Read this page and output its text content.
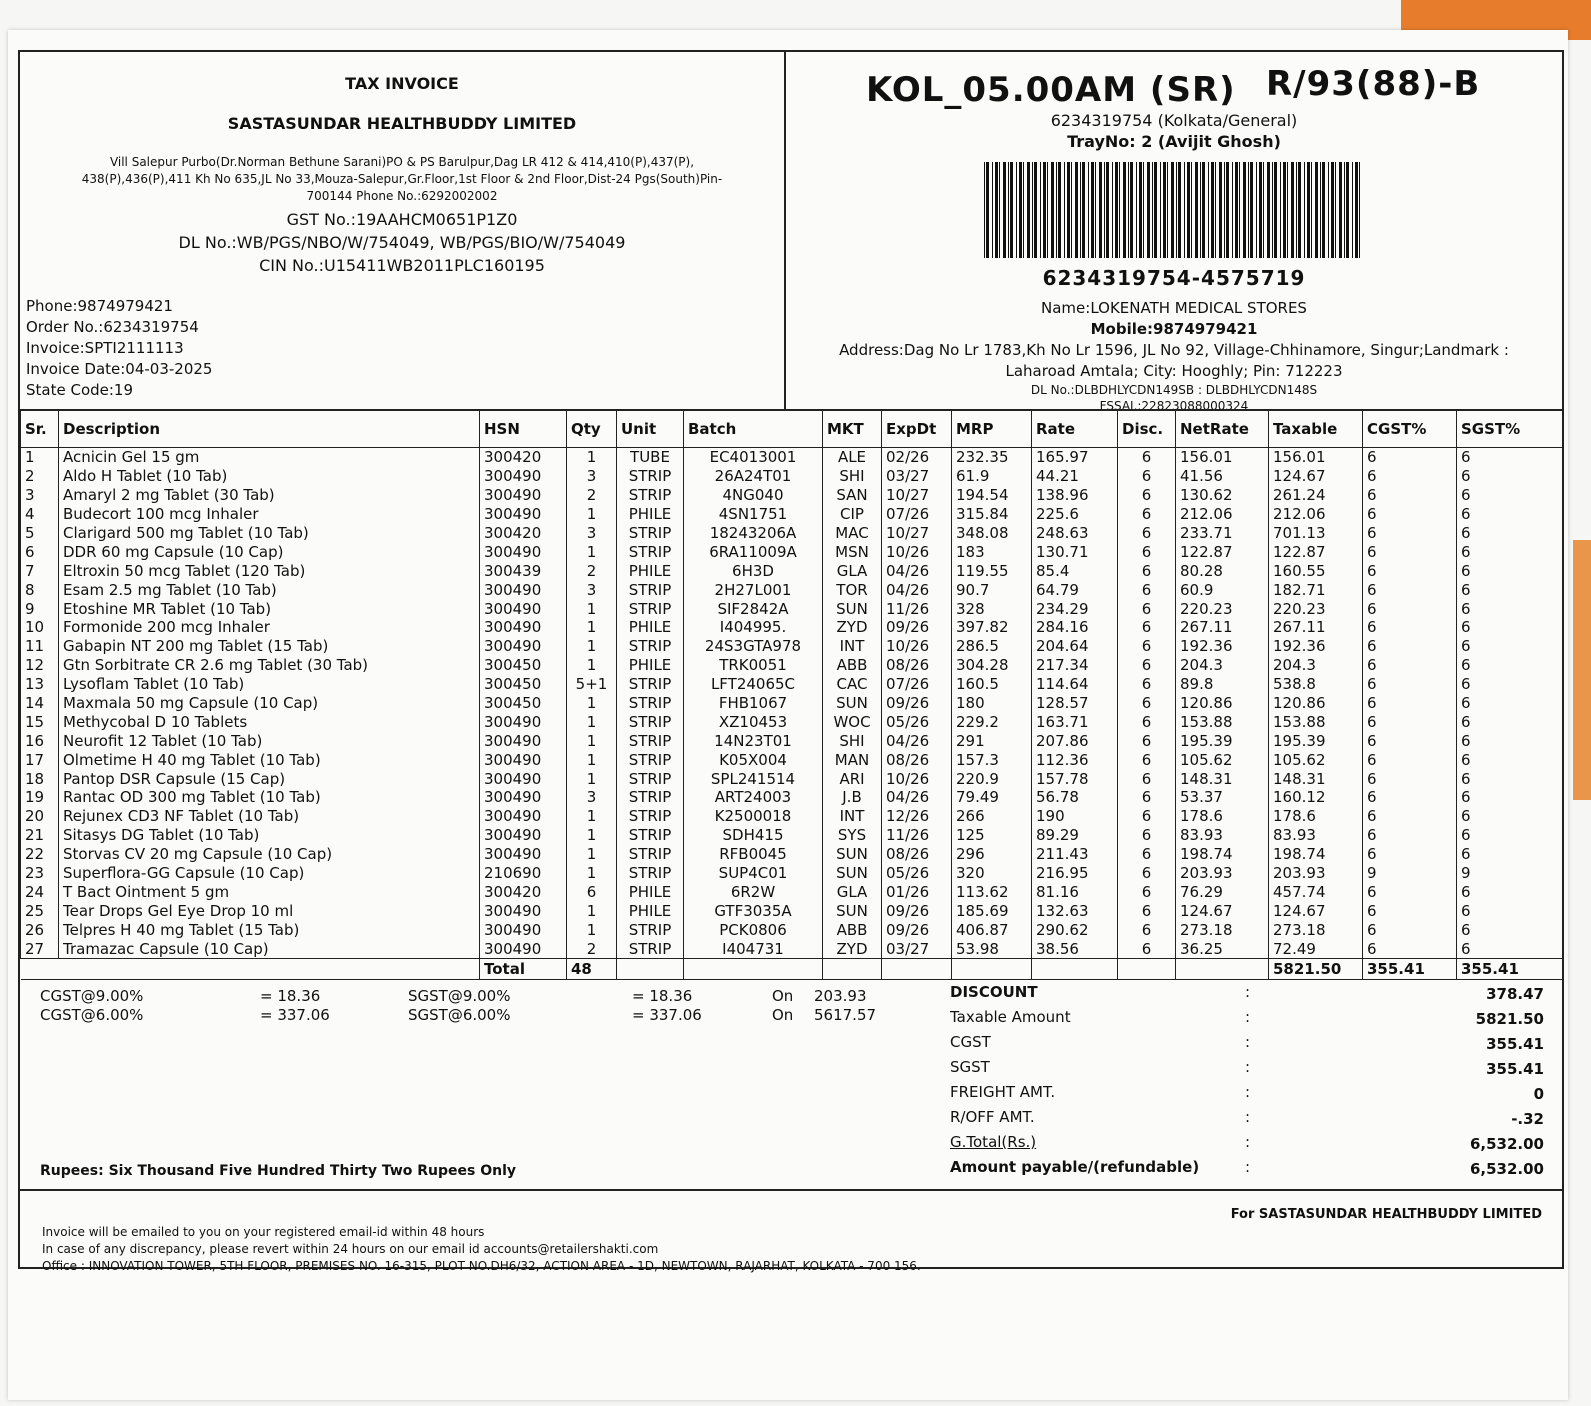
TAX INVOICE
SASTASUNDAR HEALTHBUDDY LIMITED
Vill Salepur Purbo(Dr.Norman Bethune Sarani)PO & PS Barulpur,Dag LR 412 & 414,410(P),437(P),
438(P),436(P),411 Kh No 635,JL No 33,Mouza-Salepur,Gr.Floor,1st Floor & 2nd Floor,Dist-24 Pgs(South)Pin-
700144 Phone No.:6292002002
GST No.:19AAHCM0651P1Z0
DL No.:WB/PGS/NBO/W/754049, WB/PGS/BIO/W/754049
CIN No.:U15411WB2011PLC160195
Phone:9874979421
Order No.:6234319754
Invoice:SPTI2111113
Invoice Date:04-03-2025
State Code:19
KOL_05.00AM (SR) R/93(88)-B
6234319754 (Kolkata/General)
TrayNo: 2 (Avijit Ghosh)
6234319754-4575719
Name:LOKENATH MEDICAL STORES
Mobile:9874979421
Address:Dag No Lr 1783,Kh No Lr 1596, JL No 92, Village-Chhinamore, Singur;Landmark :
Laharoad Amtala; City: Hooghly; Pin: 712223
DL No.:DLBDHLYCDN149SB : DLBDHLYCDN148S
FSSAI.:22823088000324
Sr.	Description	HSN	Qty	Unit	Batch	MKT	ExpDt	MRP	Rate	Disc.	NetRate	Taxable	CGST%	SGST%
1	Acnicin Gel 15 gm	300420	1	TUBE	EC4013001	ALE	02/26	232.35	165.97	6	156.01	156.01	6	6
2	Aldo H Tablet (10 Tab)	300490	3	STRIP	26A24T01	SHI	03/27	61.9	44.21	6	41.56	124.67	6	6
3	Amaryl 2 mg Tablet (30 Tab)	300490	2	STRIP	4NG040	SAN	10/27	194.54	138.96	6	130.62	261.24	6	6
4	Budecort 100 mcg Inhaler	300490	1	PHILE	4SN1751	CIP	07/26	315.84	225.6	6	212.06	212.06	6	6
5	Clarigard 500 mg Tablet (10 Tab)	300420	3	STRIP	18243206A	MAC	10/27	348.08	248.63	6	233.71	701.13	6	6
6	DDR 60 mg Capsule (10 Cap)	300490	1	STRIP	6RA11009A	MSN	10/26	183	130.71	6	122.87	122.87	6	6
7	Eltroxin 50 mcg Tablet (120 Tab)	300439	2	PHILE	6H3D	GLA	04/26	119.55	85.4	6	80.28	160.55	6	6
8	Esam 2.5 mg Tablet (10 Tab)	300490	3	STRIP	2H27L001	TOR	04/26	90.7	64.79	6	60.9	182.71	6	6
9	Etoshine MR Tablet (10 Tab)	300490	1	STRIP	SIF2842A	SUN	11/26	328	234.29	6	220.23	220.23	6	6
10	Formonide 200 mcg Inhaler	300490	1	PHILE	I404995.	ZYD	09/26	397.82	284.16	6	267.11	267.11	6	6
11	Gabapin NT 200 mg Tablet (15 Tab)	300490	1	STRIP	24S3GTA978	INT	10/26	286.5	204.64	6	192.36	192.36	6	6
12	Gtn Sorbitrate CR 2.6 mg Tablet (30 Tab)	300450	1	PHILE	TRK0051	ABB	08/26	304.28	217.34	6	204.3	204.3	6	6
13	Lysoflam Tablet (10 Tab)	300450	5+1	STRIP	LFT24065C	CAC	07/26	160.5	114.64	6	89.8	538.8	6	6
14	Maxmala 50 mg Capsule (10 Cap)	300450	1	STRIP	FHB1067	SUN	09/26	180	128.57	6	120.86	120.86	6	6
15	Methycobal D 10 Tablets	300490	1	STRIP	XZ10453	WOC	05/26	229.2	163.71	6	153.88	153.88	6	6
16	Neurofit 12 Tablet (10 Tab)	300490	1	STRIP	14N23T01	SHI	04/26	291	207.86	6	195.39	195.39	6	6
17	Olmetime H 40 mg Tablet (10 Tab)	300490	1	STRIP	K05X004	MAN	08/26	157.3	112.36	6	105.62	105.62	6	6
18	Pantop DSR Capsule (15 Cap)	300490	1	STRIP	SPL241514	ARI	10/26	220.9	157.78	6	148.31	148.31	6	6
19	Rantac OD 300 mg Tablet (10 Tab)	300490	3	STRIP	ART24003	J.B	04/26	79.49	56.78	6	53.37	160.12	6	6
20	Rejunex CD3 NF Tablet (10 Tab)	300490	1	STRIP	K2500018	INT	12/26	266	190	6	178.6	178.6	6	6
21	Sitasys DG Tablet (10 Tab)	300490	1	STRIP	SDH415	SYS	11/26	125	89.29	6	83.93	83.93	6	6
22	Storvas CV 20 mg Capsule (10 Cap)	300490	1	STRIP	RFB0045	SUN	08/26	296	211.43	6	198.74	198.74	6	6
23	Superflora-GG Capsule (10 Cap)	210690	1	STRIP	SUP4C01	SUN	05/26	320	216.95	6	203.93	203.93	9	9
24	T Bact Ointment 5 gm	300420	6	PHILE	6R2W	GLA	01/26	113.62	81.16	6	76.29	457.74	6	6
25	Tear Drops Gel Eye Drop 10 ml	300490	1	PHILE	GTF3035A	SUN	09/26	185.69	132.63	6	124.67	124.67	6	6
26	Telpres H 40 mg Tablet (15 Tab)	300490	1	STRIP	PCK0806	ABB	09/26	406.87	290.62	6	273.18	273.18	6	6
27	Tramazac Capsule (10 Cap)	300490	2	STRIP	I404731	ZYD	03/27	53.98	38.56	6	36.25	72.49	6	6
		Total	48									5821.50	355.41	355.41
CGST@9.00%	= 18.36	SGST@9.00%	= 18.36	On 203.93
CGST@6.00%	= 337.06	SGST@6.00%	= 337.06	On 5617.57
DISCOUNT	:	378.47
Taxable Amount	:	5821.50
CGST	:	355.41
SGST	:	355.41
FREIGHT AMT.	:	0
R/OFF AMT.	:	-.32
G.Total(Rs.)	:	6,532.00
Amount payable/(refundable)	:	6,532.00
Rupees: Six Thousand Five Hundred Thirty Two Rupees Only
For SASTASUNDAR HEALTHBUDDY LIMITED
Invoice will be emailed to you on your registered email-id within 48 hours
In case of any discrepancy, please revert within 24 hours on our email id accounts@retailershakti.com
Office : INNOVATION TOWER, 5TH FLOOR, PREMISES NO. 16-315, PLOT NO.DH6/32, ACTION AREA - 1D, NEWTOWN, RAJARHAT, KOLKATA - 700 156.
